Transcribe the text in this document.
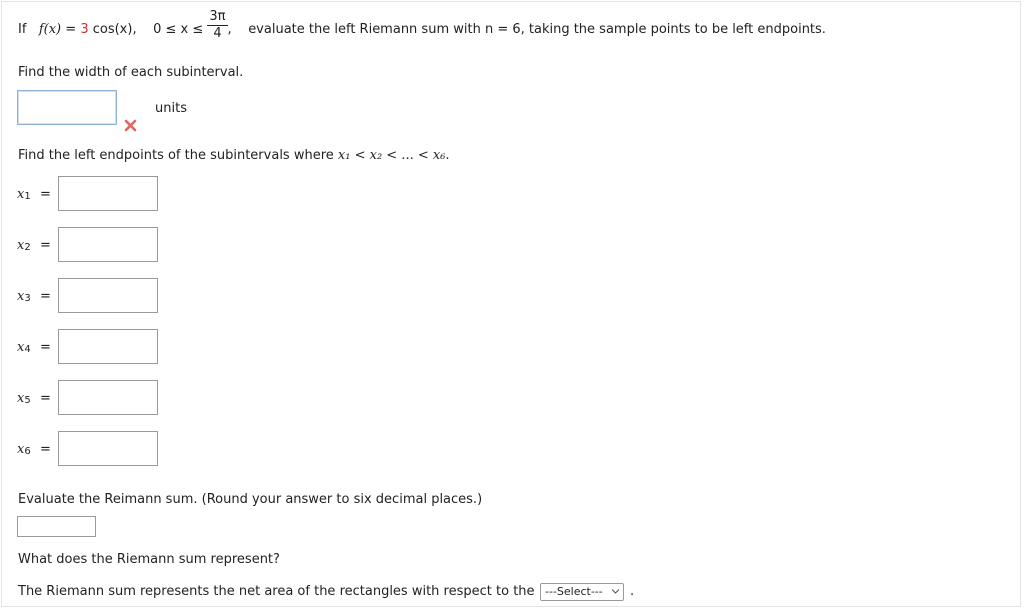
If f(x) = 3 cos(x), $0 \le x \le \frac{3\pi}{4}$ , evaluate the left Riemann sum with n = 6, taking the sample points to be left endpoints.
Find the width of each subinterval.
units
Find the left endpoints of the subintervals where x₁ < x₂ < ... < x₆.
$x_1$ =
$x_2$ =
$x_3$ =
$x_4$ =
$x_5$ =
$x_6$ =
Evaluate the Reimann sum. (Round your answer to six decimal places.)
What does the Riemann sum represent?
The Riemann sum represents the net area of the rectangles with respect to the ---Select---	.
